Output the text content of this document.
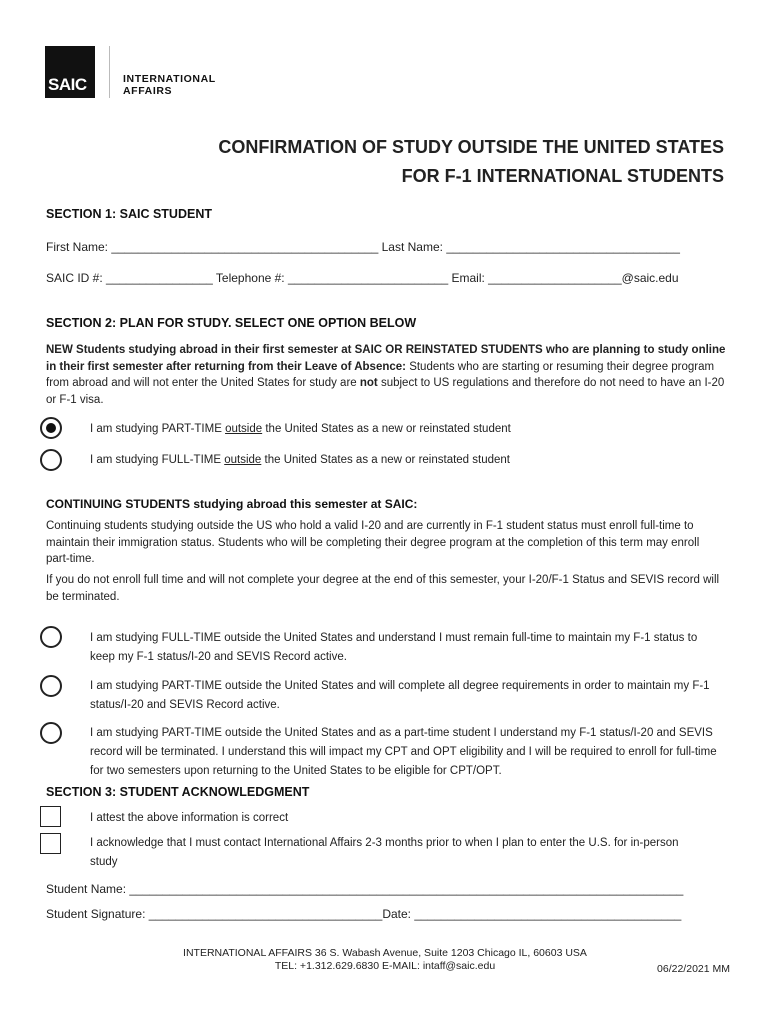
SAIC	INTERNATIONAL
AFFAIRS
CONFIRMATION OF STUDY OUTSIDE THE UNITED STATES
FOR F-1 INTERNATIONAL STUDENTS
SECTION 1: SAIC STUDENT
First Name: ________________________________________ Last Name: ___________________________________
SAIC ID #: ________________ Telephone #: ________________________ Email: ____________________@saic.edu
SECTION 2: PLAN FOR STUDY. SELECT ONE OPTION BELOW
NEW Students studying abroad in their first semester at SAIC OR REINSTATED STUDENTS who are planning to study online in their first semester after returning from their Leave of Absence: Students who are starting or resuming their degree program from abroad and will not enter the United States for study are not subject to US regulations and therefore do not need to have an I-20 or F-1 visa.
I am studying PART-TIME outside the United States as a new or reinstated student
I am studying FULL-TIME outside the United States as a new or reinstated student
CONTINUING STUDENTS studying abroad this semester at SAIC:
Continuing students studying outside the US who hold a valid I-20 and are currently in F-1 student status must enroll full-time to maintain their immigration status. Students who will be completing their degree program at the completion of this term may enroll part-time.
If you do not enroll full time and will not complete your degree at the end of this semester, your I-20/F-1 Status and SEVIS record will be terminated.
I am studying FULL-TIME outside the United States and understand I must remain full-time to maintain my F-1 status to keep my F-1 status/I-20 and SEVIS Record active.
I am studying PART-TIME outside the United States and will complete all degree requirements in order to maintain my F-1 status/I-20 and SEVIS Record active.
I am studying PART-TIME outside the United States and as a part-time student I understand my F-1 status/I-20 and SEVIS record will be terminated. I understand this will impact my CPT and OPT eligibility and I will be required to enroll for full-time for two semesters upon returning to the United States to be eligible for CPT/OPT.
SECTION 3: STUDENT ACKNOWLEDGMENT
I attest the above information is correct
I acknowledge that I must contact International Affairs 2-3 months prior to when I plan to enter the U.S. for in-person study
Student Name: ___________________________________________________________________________________
Student Signature: ___________________________________Date: ________________________________________
INTERNATIONAL AFFAIRS 36 S. Wabash Avenue, Suite 1203 Chicago IL, 60603 USA
TEL: +1.312.629.6830 E-MAIL: intaff@saic.edu	06/22/2021 MM
